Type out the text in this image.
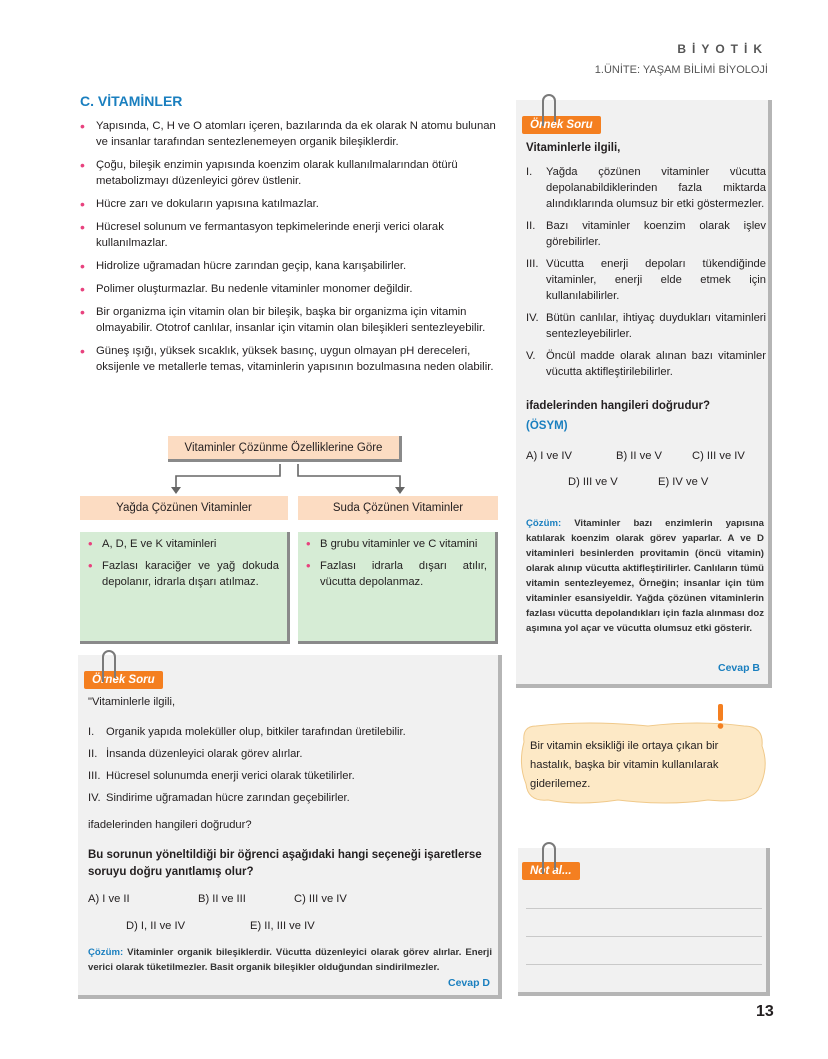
BİYOTİK
1.ÜNİTE: YAŞAM BİLİMİ BİYOLOJİ
C. VİTAMİNLER
• Yapısında, C, H ve O atomları içeren, bazılarında da ek olarak N atomu bulunan ve insanlar tarafından sentezlenemeyen organik bileşiklerdir.
• Çoğu, bileşik enzimin yapısında koenzim olarak kullanılmalarından ötürü metabolizmayı düzenleyici görev üstlenir.
• Hücre zarı ve dokuların yapısına katılmazlar.
• Hücresel solunum ve fermantasyon tepkimelerinde enerji verici olarak kullanılmazlar.
• Hidrolize uğramadan hücre zarından geçip, kana karışabilirler.
• Polimer oluşturmazlar. Bu nedenle vitaminler monomer değildir.
• Bir organizma için vitamin olan bir bileşik, başka bir organizma için vitamin olmayabilir. Ototrof canlılar, insanlar için vitamin olan bileşikleri sentezleyebilir.
• Güneş ışığı, yüksek sıcaklık, yüksek basınç, uygun olmayan pH dereceleri, oksijenle ve metallerle temas, vitaminlerin yapısının bozulmasına neden olabilir.
Vitaminler Çözünme Özelliklerine Göre
Yağda Çözünen Vitaminler	Suda Çözünen Vitaminler
• A, D, E ve K vitaminleri
• Fazlası karaciğer ve yağ dokuda depolanır, idrarla dışarı atılmaz.
• B grubu vitaminler ve C vitamini
• Fazlası idrarla dışarı atılır, vücutta depolanmaz.
Örnek Soru
Vitaminlerle ilgili,
I. Yağda çözünen vitaminler vücutta depolanabildiklerinden fazla miktarda alındıklarında olumsuz bir etki göstermezler.
II. Bazı vitaminler koenzim olarak işlev görebilirler.
III. Vücutta enerji depoları tükendiğinde vitaminler, enerji elde etmek için kullanılabilirler.
IV. Bütün canlılar, ihtiyaç duydukları vitaminleri sentezleyebilirler.
V. Öncül madde olarak alınan bazı vitaminler vücutta aktifleştirilebilirler.
ifadelerinden hangileri doğrudur?
(ÖSYM)
A) I ve IV	B) II ve V	C) III ve IV
D) III ve V	E) IV ve V
Çözüm: Vitaminler bazı enzimlerin yapısına katılarak koenzim olarak görev yaparlar. A ve D vitaminleri besinlerden provitamin (öncü vitamin) olarak alınıp vücutta aktifleştirilirler. Canlıların tümü vitamin sentezleyemez, Örneğin; insanlar için tüm vitaminler esansiyeldir. Yağda çözünen vitaminlerin fazlası vücutta depolandıkları için fazla alınması doz aşımına yol açar ve vücutta olumsuz etki gösterir.
Cevap B
Örnek Soru
"Vitaminlerle ilgili,
I. Organik yapıda moleküller olup, bitkiler tarafından üretilebilir.
II. İnsanda düzenleyici olarak görev alırlar.
III. Hücresel solunumda enerji verici olarak tüketilirler.
IV. Sindirime uğramadan hücre zarından geçebilirler.
ifadelerinden hangileri doğrudur?
Bu sorunun yöneltildiği bir öğrenci aşağıdaki hangi seçeneği işaretlerse soruyu doğru yanıtlamış olur?
A) I ve II	B) II ve III	C) III ve IV
D) I, II ve IV	E) II, III ve IV
Çözüm: Vitaminler organik bileşiklerdir. Vücutta düzenleyici olarak görev alırlar. Enerji verici olarak tüketilmezler. Basit organik bileşikler olduğundan sindirilmezler.
Cevap D
Bir vitamin eksikliği ile ortaya çıkan bir hastalık, başka bir vitamin kullanılarak giderilemez.
Not al...
13
